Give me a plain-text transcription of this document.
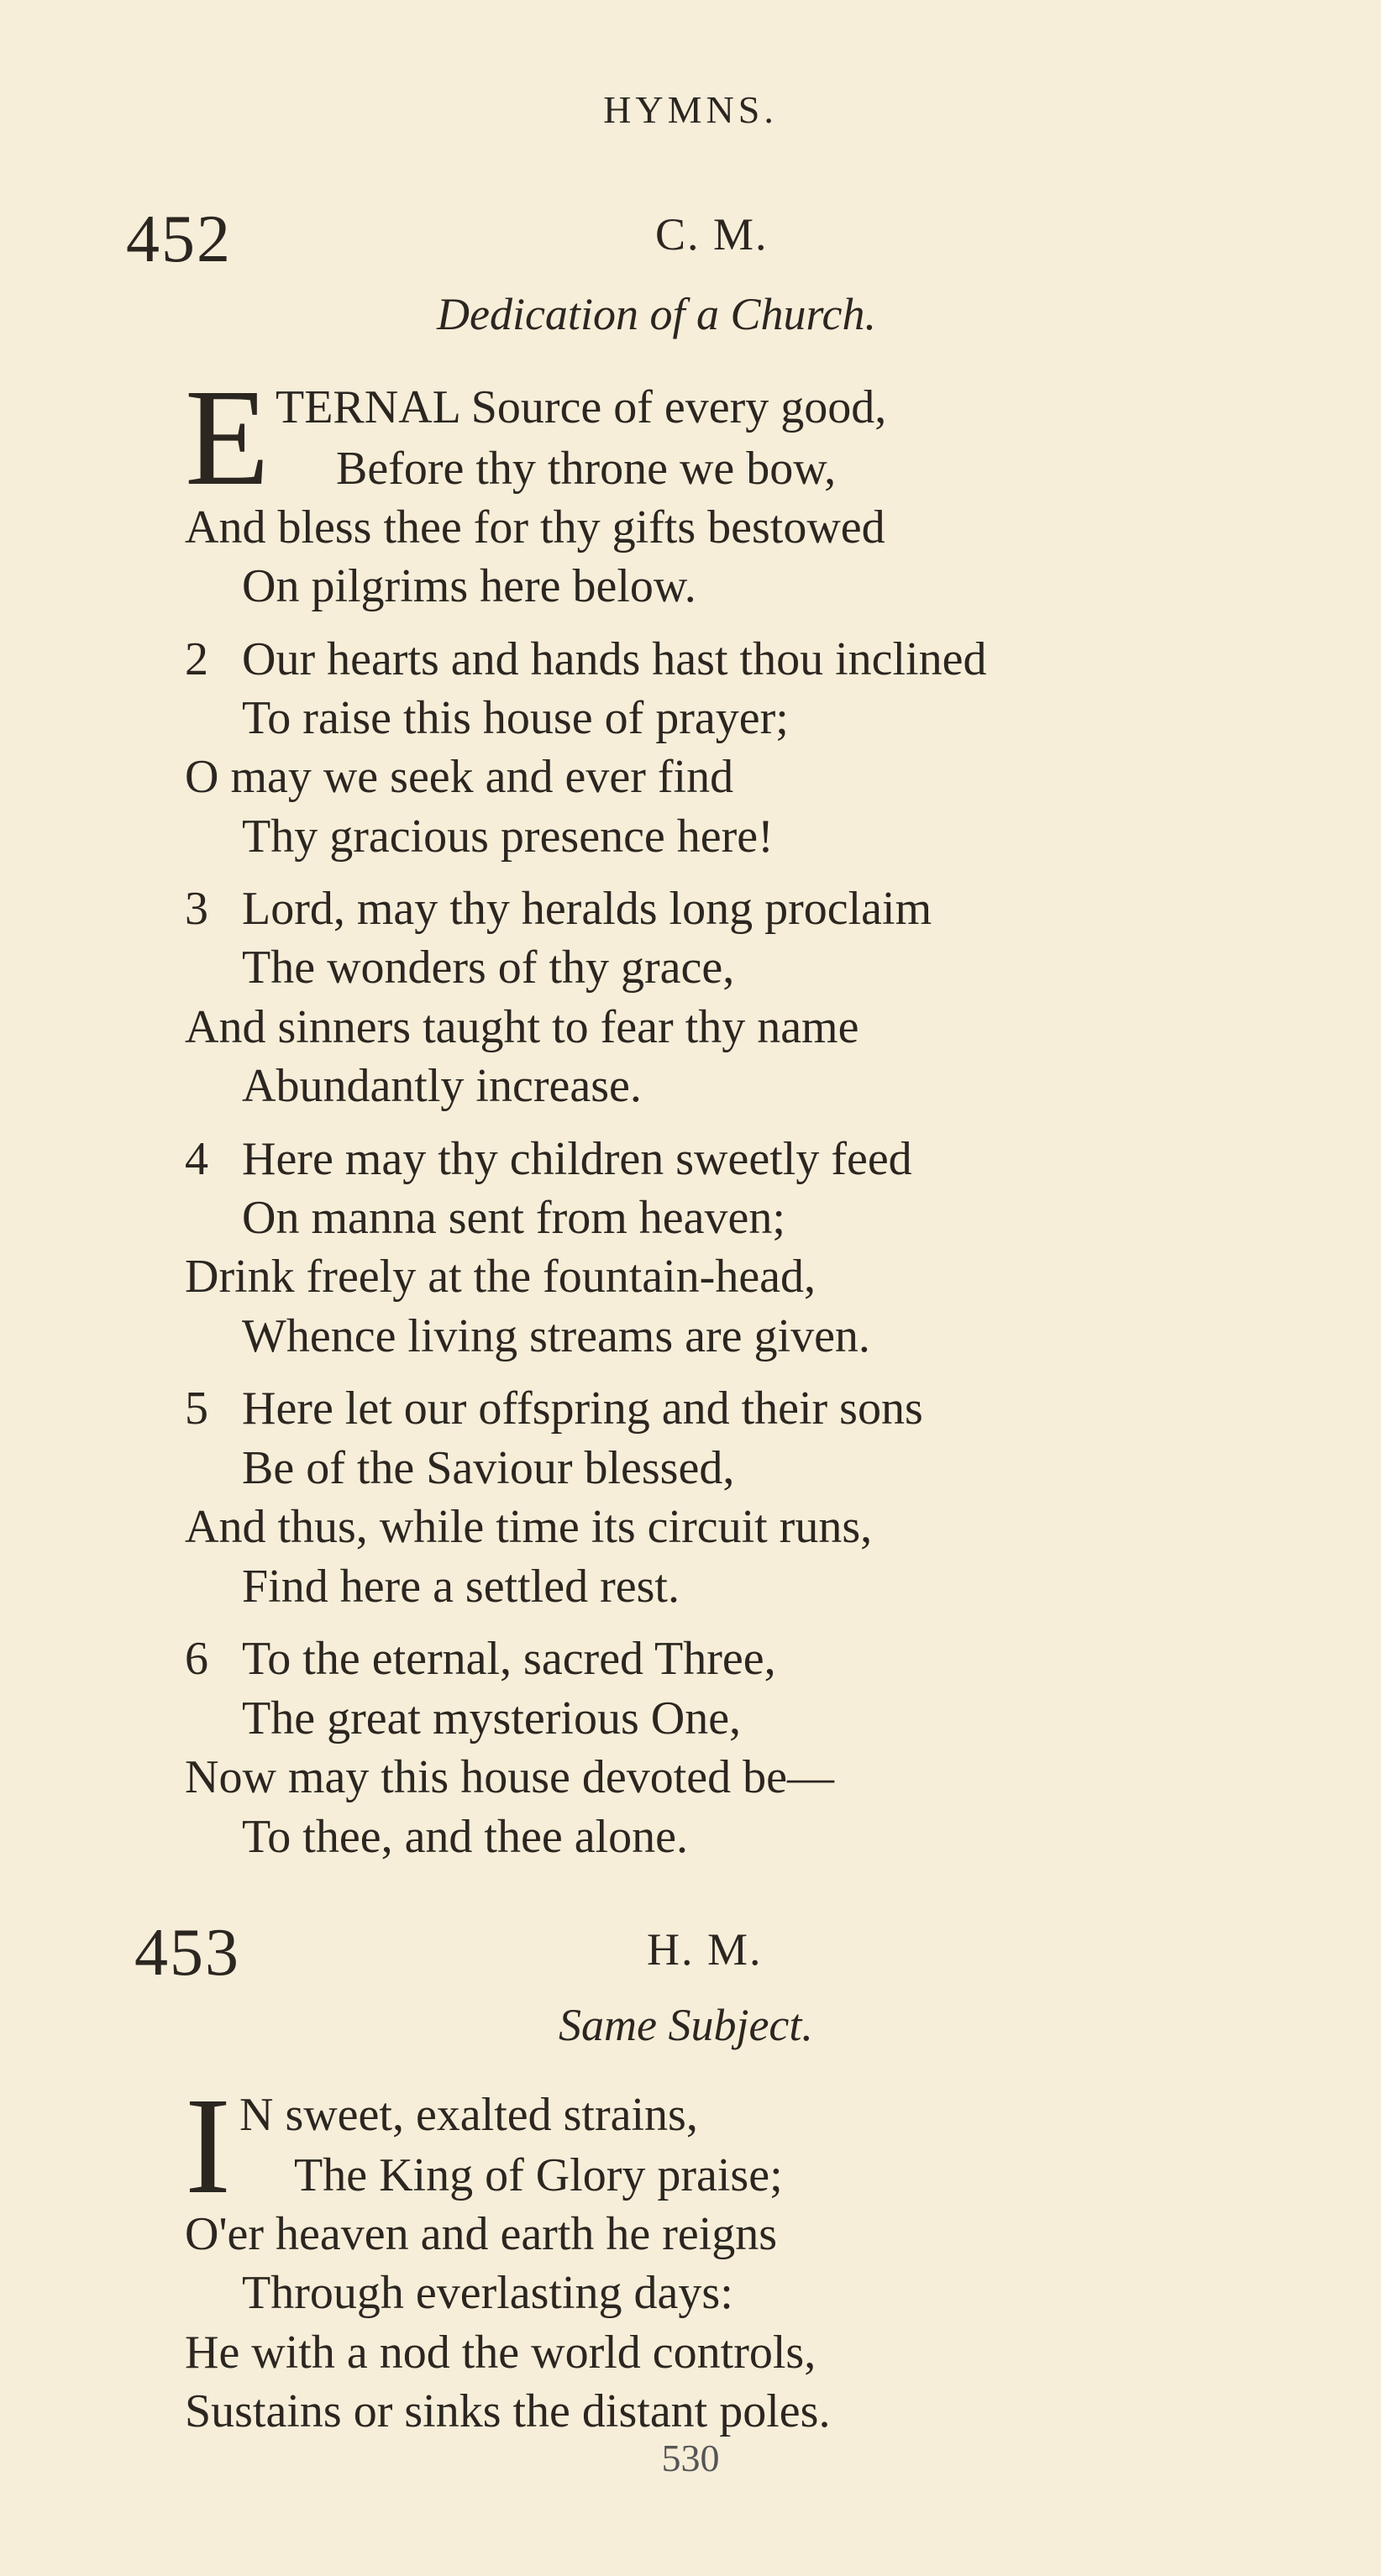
HYMNS.
452	C. M.
Dedication of a Church.
E TERNAL Source of every good,
Before thy throne we bow,
And bless thee for thy gifts bestowed
On pilgrims here below.
2 Our hearts and hands hast thou inclined
To raise this house of prayer;
O may we seek and ever find
Thy gracious presence here!
3 Lord, may thy heralds long proclaim
The wonders of thy grace,
And sinners taught to fear thy name
Abundantly increase.
4 Here may thy children sweetly feed
On manna sent from heaven;
Drink freely at the fountain-head,
Whence living streams are given.
5 Here let our offspring and their sons
Be of the Saviour blessed,
And thus, while time its circuit runs,
Find here a settled rest.
6 To the eternal, sacred Three,
The great mysterious One,
Now may this house devoted be—
To thee, and thee alone.
453	H. M.
Same Subject.
I N sweet, exalted strains,
The King of Glory praise;
O'er heaven and earth he reigns
Through everlasting days:
He with a nod the world controls,
Sustains or sinks the distant poles.
530
